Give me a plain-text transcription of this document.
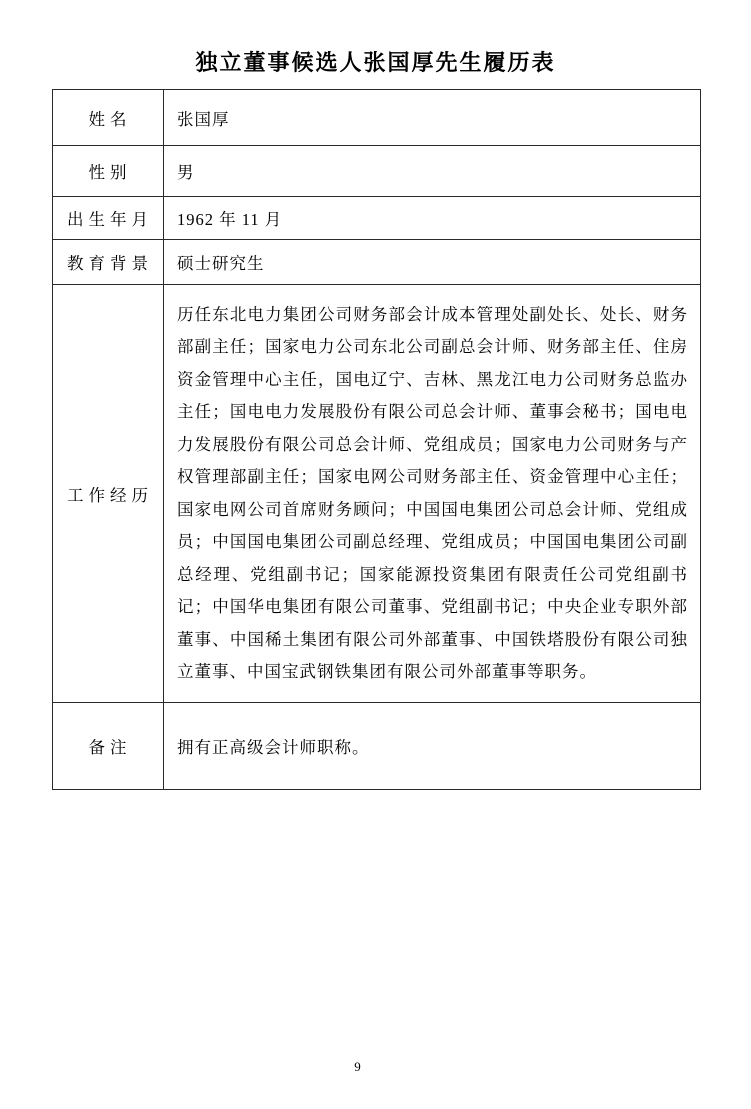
独立董事候选人张国厚先生履历表
姓名	张国厚
性别	男
出生年月	1962 年 11 月
教育背景	硕士研究生
工作经历	历任东北电力集团公司财务部会计成本管理处副处长、处长、财务部副主任；国家电力公司东北公司副总会计师、财务部主任、住房资金管理中心主任，国电辽宁、吉林、黑龙江电力公司财务总监办主任；国电电力发展股份有限公司总会计师、董事会秘书；国电电力发展股份有限公司总会计师、党组成员；国家电力公司财务与产权管理部副主任；国家电网公司财务部主任、资金管理中心主任；国家电网公司首席财务顾问；中国国电集团公司总会计师、党组成员；中国国电集团公司副总经理、党组成员；中国国电集团公司副总经理、党组副书记；国家能源投资集团有限责任公司党组副书记；中国华电集团有限公司董事、党组副书记；中央企业专职外部董事、中国稀土集团有限公司外部董事、中国铁塔股份有限公司独立董事、中国宝武钢铁集团有限公司外部董事等职务。
备注	拥有正高级会计师职称。
9
